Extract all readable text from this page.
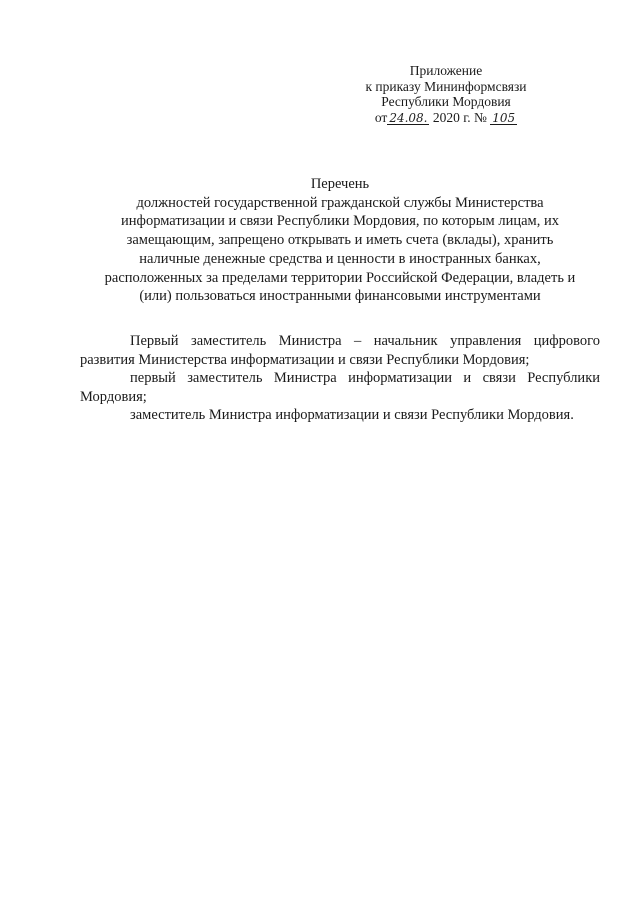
Приложение
к приказу Мининформсвязи
Республики Мордовия
от 24.08. 2020 г. № 105
Перечень
должностей государственной гражданской службы Министерства
информатизации и связи Республики Мордовия, по которым лицам, их
замещающим, запрещено открывать и иметь счета (вклады), хранить
наличные денежные средства и ценности в иностранных банках,
расположенных за пределами территории Российской Федерации, владеть и
(или) пользоваться иностранными финансовыми инструментами

Первый заместитель Министра – начальник управления цифрового развития Министерства информатизации и связи Республики Мордовия;

первый заместитель Министра информатизации и связи Республики Мордовия;

заместитель Министра информатизации и связи Республики Мордовия.
